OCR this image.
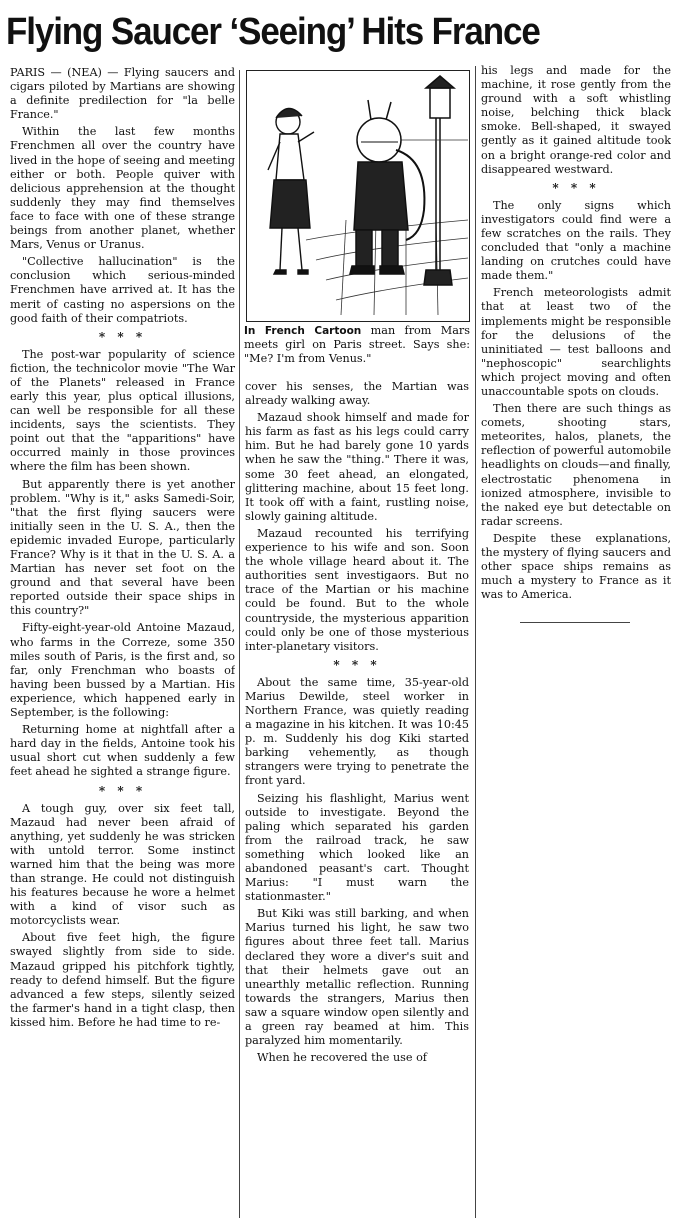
Flying Saucer ‘Seeing’ Hits France

PARIS — (NEA) — Flying saucers and cigars piloted by Martians are showing a definite predilection for "la belle France."

Within the last few months Frenchmen all over the country have lived in the hope of seeing and meeting either or both. People quiver with delicious apprehension at the thought suddenly they may find themselves face to face with one of these strange beings from another planet, whether Mars, Venus or Uranus.

"Collective hallucination" is the conclusion which serious-minded Frenchmen have arrived at. It has the merit of casting no aspersions on the good faith of their compatriots.

* * *

The post-war popularity of science fiction, the technicolor movie "The War of the Planets" released in France early this year, plus optical illusions, can well be responsible for all these incidents, says the scientists. They point out that the "apparitions" have occurred mainly in those provinces where the film has been shown.

But apparently there is yet another problem. "Why is it," asks Samedi-Soir, "that the first flying saucers were initially seen in the U. S. A., then the epidemic invaded Europe, particularly France? Why is it that in the U. S. A. a Martian has never set foot on the ground and that several have been reported outside their space ships in this country?"

Fifty-eight-year-old Antoine Mazaud, who farms in the Correze, some 350 miles south of Paris, is the first and, so far, only Frenchman who boasts of having been bussed by a Martian. His experience, which happened early in September, is the following:

Returning home at nightfall after a hard day in the fields, Antoine took his usual short cut when suddenly a few feet ahead he sighted a strange figure.

* * *

A tough guy, over six feet tall, Mazaud had never been afraid of anything, yet suddenly he was stricken with untold terror. Some instinct warned him that the being was more than strange. He could not distinguish his features because he wore a helmet with a kind of visor such as motorcyclists wear.

About five feet high, the figure swayed slightly from side to side. Mazaud gripped his pitchfork tightly, ready to defend himself. But the figure advanced a few steps, silently seized the farmer's hand in a tight clasp, then kissed him. Before he had time to re-

In French Cartoon man from Mars meets girl on Paris street. Says she: "Me? I'm from Venus."

cover his senses, the Martian was already walking away.

Mazaud shook himself and made for his farm as fast as his legs could carry him. But he had barely gone 10 yards when he saw the "thing." There it was, some 30 feet ahead, an elongated, glittering machine, about 15 feet long. It took off with a faint, rustling noise, slowly gaining altitude.

Mazaud recounted his terrifying experience to his wife and son. Soon the whole village heard about it. The authorities sent investigaors. But no trace of the Martian or his machine could be found. But to the whole countryside, the mysterious apparition could only be one of those mysterious inter-planetary visitors.

* * *

About the same time, 35-year-old Marius Dewilde, steel worker in Northern France, was quietly reading a magazine in his kitchen. It was 10:45 p. m. Suddenly his dog Kiki started barking vehemently, as though strangers were trying to penetrate the front yard.

Seizing his flashlight, Marius went outside to investigate. Beyond the paling which separated his garden from the railroad track, he saw something which looked like an abandoned peasant's cart. Thought Marius: "I must warn the stationmaster."

But Kiki was still barking, and when Marius turned his light, he saw two figures about three feet tall. Marius declared they wore a diver's suit and that their helmets gave out an unearthly metallic reflection. Running towards the strangers, Marius then saw a square window open silently and a green ray beamed at him. This paralyzed him momentarily.

When he recovered the use of

his legs and made for the machine, it rose gently from the ground with a soft whistling noise, belching thick black smoke. Bell-shaped, it swayed gently as it gained altitude took on a bright orange-red color and disappeared westward.

* * *

The only signs which investigators could find were a few scratches on the rails. They concluded that "only a machine landing on crutches could have made them."

French meteorologists admit that at least two of the implements might be responsible for the delusions of the uninitiated — test balloons and "nephoscopic" searchlights which project moving and often unaccountable spots on clouds.

Then there are such things as comets, shooting stars, meteorites, halos, planets, the reflection of powerful automobile headlights on clouds—and finally, electrostatic phenomena in ionized atmosphere, invisible to the naked eye but detectable on radar screens.

Despite these explanations, the mystery of flying saucers and other space ships remains as much a mystery to France as it was to America.
